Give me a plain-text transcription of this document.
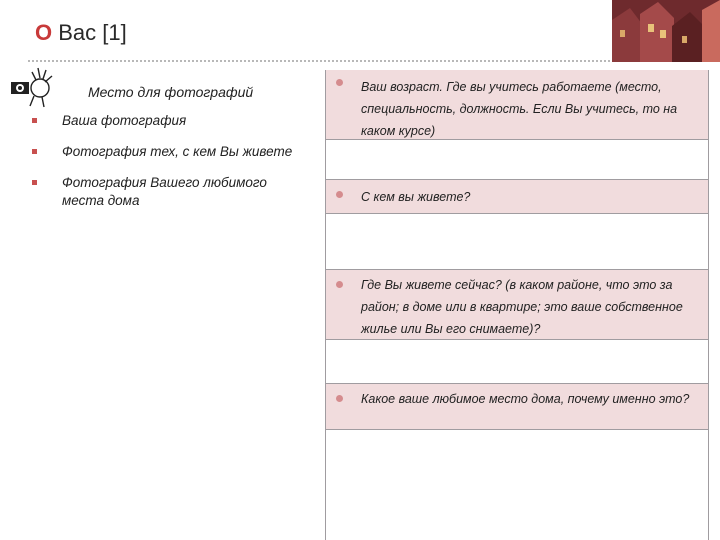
О Вас [1]
Место для фотографий
Ваша фотография
Фотография тех, с кем Вы живете
Фотография Вашего любимого места дома
Ваш возраст. Где вы учитесь работаете (место, специальность, должность. Если Вы учитесь, то на каком курсе)
С кем вы живете?
Где Вы живете сейчас? (в каком районе, что это за район; в доме или в квартире; это ваше собственное жилье или Вы его снимаете)?
Какое ваше любимое место дома, почему именно это?
